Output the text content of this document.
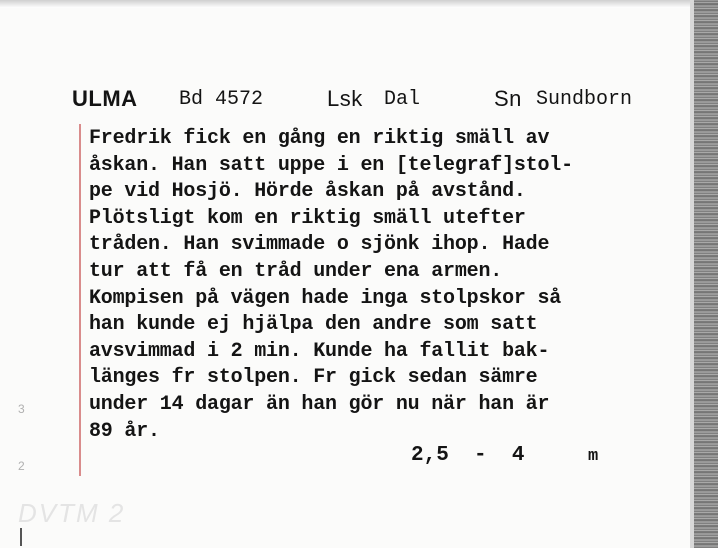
ULMA Bd 4572	Lsk Dal	Sn Sundborn
Fredrik fick en gång en riktig smäll av
åskan. Han satt uppe i en [telegraf]stol-
pe vid Hosjö. Hörde åskan på avstånd.
Plötsligt kom en riktig smäll utefter
tråden. Han svimmade o sjönk ihop. Hade
tur att få en tråd under ena armen.
Kompisen på vägen hade inga stolpskor så
han kunde ej hjälpa den andre som satt
avsvimmad i 2 min. Kunde ha fallit bak-
länges fr stolpen. Fr gick sedan sämre
under 14 dagar än han gör nu när han är
89 år.
2,5  -  4	m
3
2
DVTM 2
